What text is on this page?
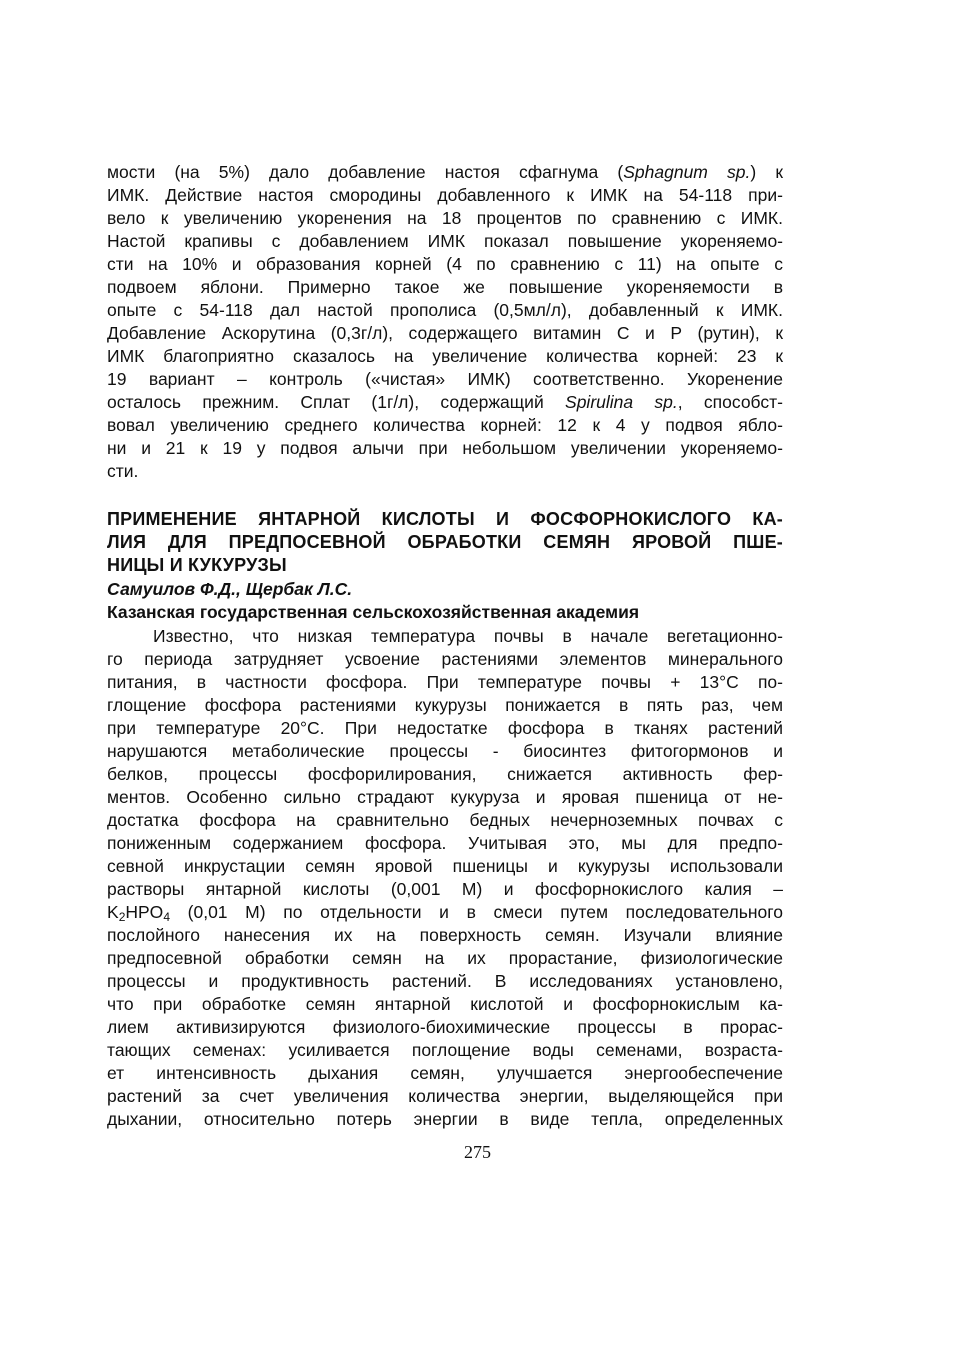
мости (на 5%) дало добавление настоя сфагнума (Sphagnum sp.) к
ИМК. Действие настоя смородины добавленного к ИМК на 54-118 при-
вело к увеличению укоренения на 18 процентов по сравнению с ИМК.
Настой крапивы с добавлением ИМК показал повышение укореняемо-
сти на 10% и образования корней (4 по сравнению с 11) на опыте с
подвоем яблони. Примерно такое же повышение укореняемости в
опыте с 54-118 дал настой прополиса (0,5мл/л), добавленный к ИМК.
Добавление Аскорутина (0,3г/л), содержащего витамин С и Р (рутин), к
ИМК благоприятно сказалось на увеличение количества корней: 23 к
19 вариант – контроль («чистая» ИМК) соответственно. Укоренение
осталось прежним. Сплат (1г/л), содержащий Spirulina sp., способст-
вовал увеличению среднего количества корней: 12 к 4 у подвоя ябло-
ни и 21 к 19 у подвоя алычи при небольшом увеличении укореняемо-
сти.
ПРИМЕНЕНИЕ ЯНТАРНОЙ КИСЛОТЫ И ФОСФОРНОКИСЛОГО КА-
ЛИЯ ДЛЯ ПРЕДПОСЕВНОЙ ОБРАБОТКИ СЕМЯН ЯРОВОЙ ПШЕ-
НИЦЫ И КУКУРУЗЫ
Самуилов Ф.Д., Щербак Л.С.
Казанская государственная сельскохозяйственная академия
Известно, что низкая температура почвы в начале вегетационно-
го периода затрудняет усвоение растениями элементов минерального
питания, в частности фосфора. При температуре почвы + 13°С по-
глощение фосфора растениями кукурузы понижается в пять раз, чем
при температуре 20°С. При недостатке фосфора в тканях растений
нарушаются метаболические процессы - биосинтез фитогормонов и
белков, процессы фосфорилирования, снижается активность фер-
ментов. Особенно сильно страдают кукуруза и яровая пшеница от не-
достатка фосфора на сравнительно бедных нечерноземных почвах с
пониженным содержанием фосфора. Учитывая это, мы для предпо-
севной инкрустации семян яровой пшеницы и кукурузы использовали
растворы янтарной кислоты (0,001 М) и фосфорнокислого калия –
$K_2HPO_4$ (0,01 М) по отдельности и в смеси путем последовательного
послойного нанесения их на поверхность семян. Изучали влияние
предпосевной обработки семян на их прорастание, физиологические
процессы и продуктивность растений. В исследованиях установлено,
что при обработке семян янтарной кислотой и фосфорнокислым ка-
лием активизируются физиолого-биохимические процессы в прорас-
тающих семенах: усиливается поглощение воды семенами, возраста-
ет интенсивность дыхания семян, улучшается энергообеспечение
растений за счет увеличения количества энергии, выделяющейся при
дыхании, относительно потерь энергии в виде тепла, определенных
275
